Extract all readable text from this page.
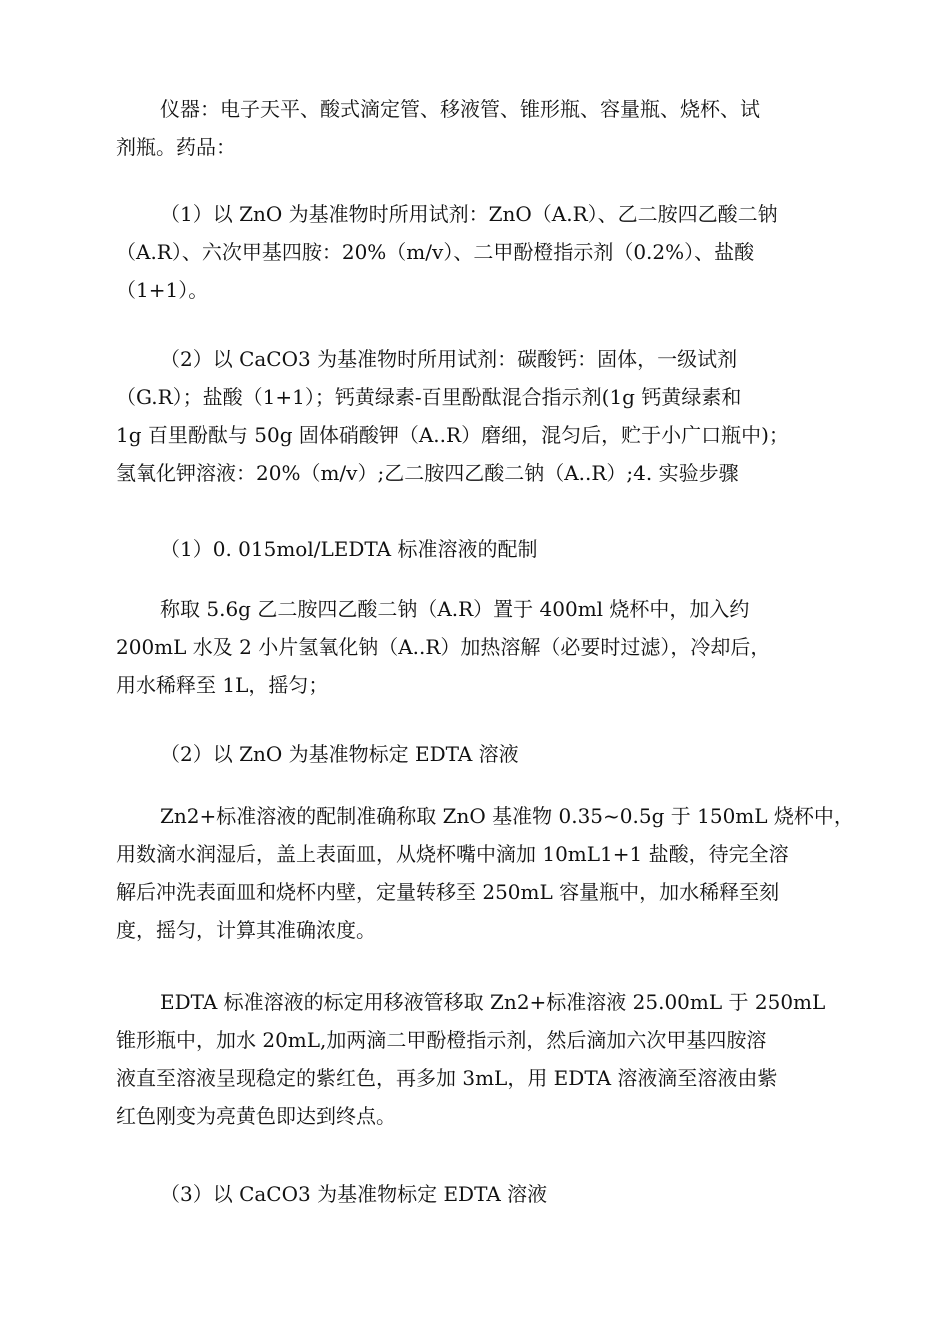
仪器：电子天平、酸式滴定管、移液管、锥形瓶、容量瓶、烧杯、试
剂瓶。药品：
（1）以 ZnO 为基准物时所用试剂：ZnO（A.R）、乙二胺四乙酸二钠
（A.R）、六次甲基四胺：20%（m/v）、二甲酚橙指示剂（0.2%）、盐酸
（1+1）。
（2）以 CaCO3 为基准物时所用试剂：碳酸钙：固体，一级试剂
（G.R）；盐酸（1+1）；钙黄绿素-百里酚酞混合指示剂(1g 钙黄绿素和
1g 百里酚酞与 50g 固体硝酸钾（A..R）磨细，混匀后，贮于小广口瓶中)；
氢氧化钾溶液：20%（m/v）;乙二胺四乙酸二钠（A..R）;4. 实验步骤
（1）0. 015mol/LEDTA 标准溶液的配制
称取 5.6g 乙二胺四乙酸二钠（A.R）置于 400ml 烧杯中，加入约
200mL 水及 2 小片氢氧化钠（A..R）加热溶解（必要时过滤），冷却后，
用水稀释至 1L，摇匀；
（2）以 ZnO 为基准物标定 EDTA 溶液
Zn2+标准溶液的配制准确称取 ZnO 基准物 0.35~0.5g 于 150mL 烧杯中，
用数滴水润湿后，盖上表面皿，从烧杯嘴中滴加 10mL1+1 盐酸，待完全溶
解后冲洗表面皿和烧杯内壁，定量转移至 250mL 容量瓶中，加水稀释至刻
度，摇匀，计算其准确浓度。
EDTA 标准溶液的标定用移液管移取 Zn2+标准溶液 25.00mL 于 250mL
锥形瓶中，加水 20mL,加两滴二甲酚橙指示剂，然后滴加六次甲基四胺溶
液直至溶液呈现稳定的紫红色，再多加 3mL，用 EDTA 溶液滴至溶液由紫
红色刚变为亮黄色即达到终点。
（3）以 CaCO3 为基准物标定 EDTA 溶液
